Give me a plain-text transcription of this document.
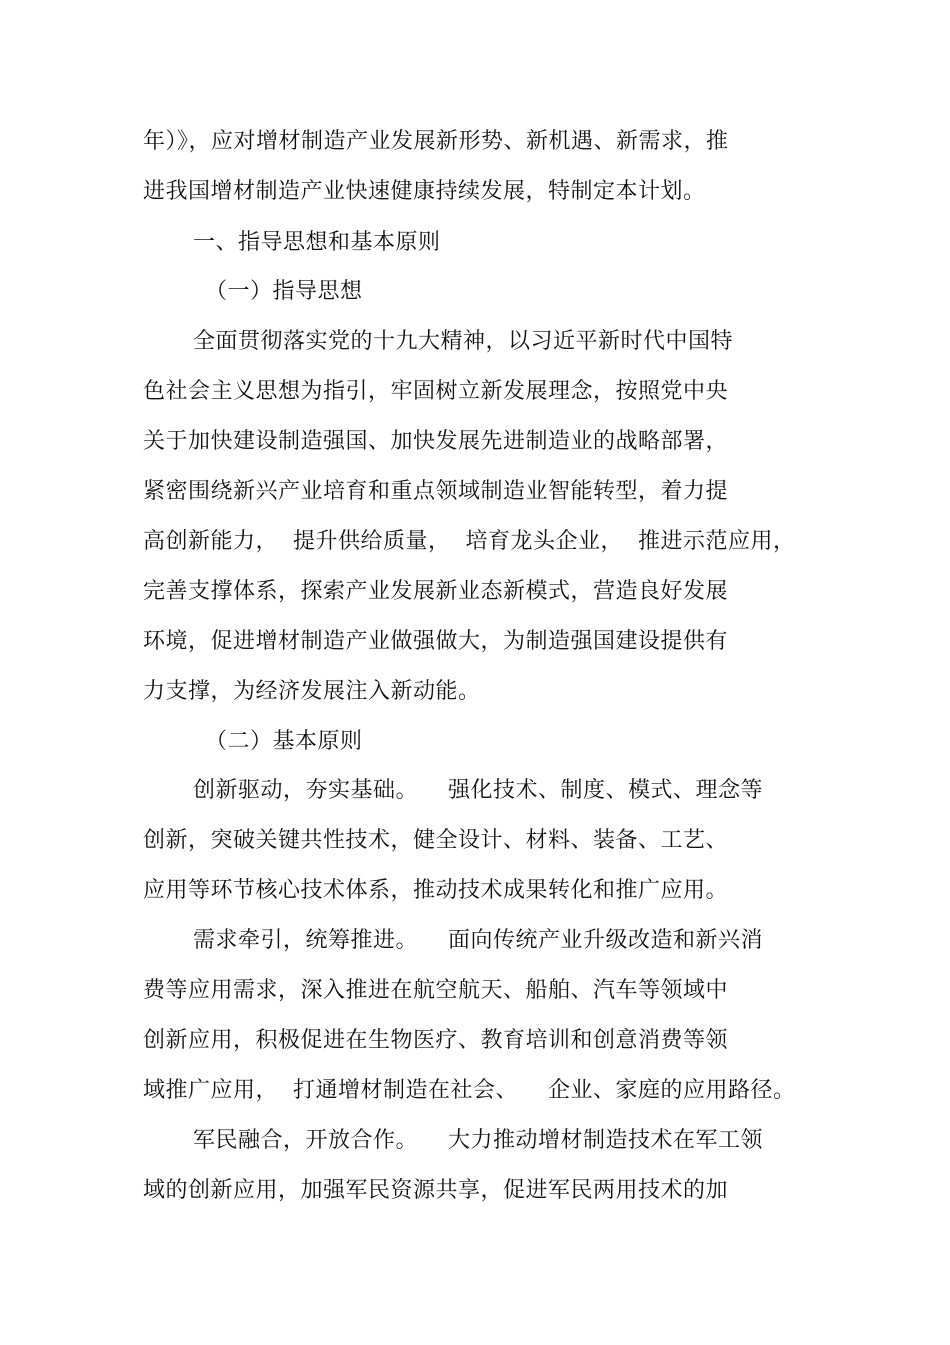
年）》，应对增材制造产业发展新形势、新机遇、新需求，推
进我国增材制造产业快速健康持续发展，特制定本计划。
一、指导思想和基本原则
（一）指导思想
全面贯彻落实党的十九大精神，以习近平新时代中国特
色社会主义思想为指引，牢固树立新发展理念，按照党中央
关于加快建设制造强国、加快发展先进制造业的战略部署，
紧密围绕新兴产业培育和重点领域制造业智能转型，着力提
高创新能力，  提升供给质量，  培育龙头企业，  推进示范应用，
完善支撑体系，探索产业发展新业态新模式，营造良好发展
环境，促进增材制造产业做强做大，为制造强国建设提供有
力支撑，为经济发展注入新动能。
（二）基本原则
创新驱动，夯实基础。    强化技术、制度、模式、理念等
创新，突破关键共性技术，健全设计、材料、装备、工艺、
应用等环节核心技术体系，推动技术成果转化和推广应用。
需求牵引，统筹推进。    面向传统产业升级改造和新兴消
费等应用需求，深入推进在航空航天、船舶、汽车等领域中
创新应用，积极促进在生物医疗、教育培训和创意消费等领
域推广应用，  打通增材制造在社会、    企业、家庭的应用路径。
军民融合，开放合作。    大力推动增材制造技术在军工领
域的创新应用，加强军民资源共享，促进军民两用技术的加
